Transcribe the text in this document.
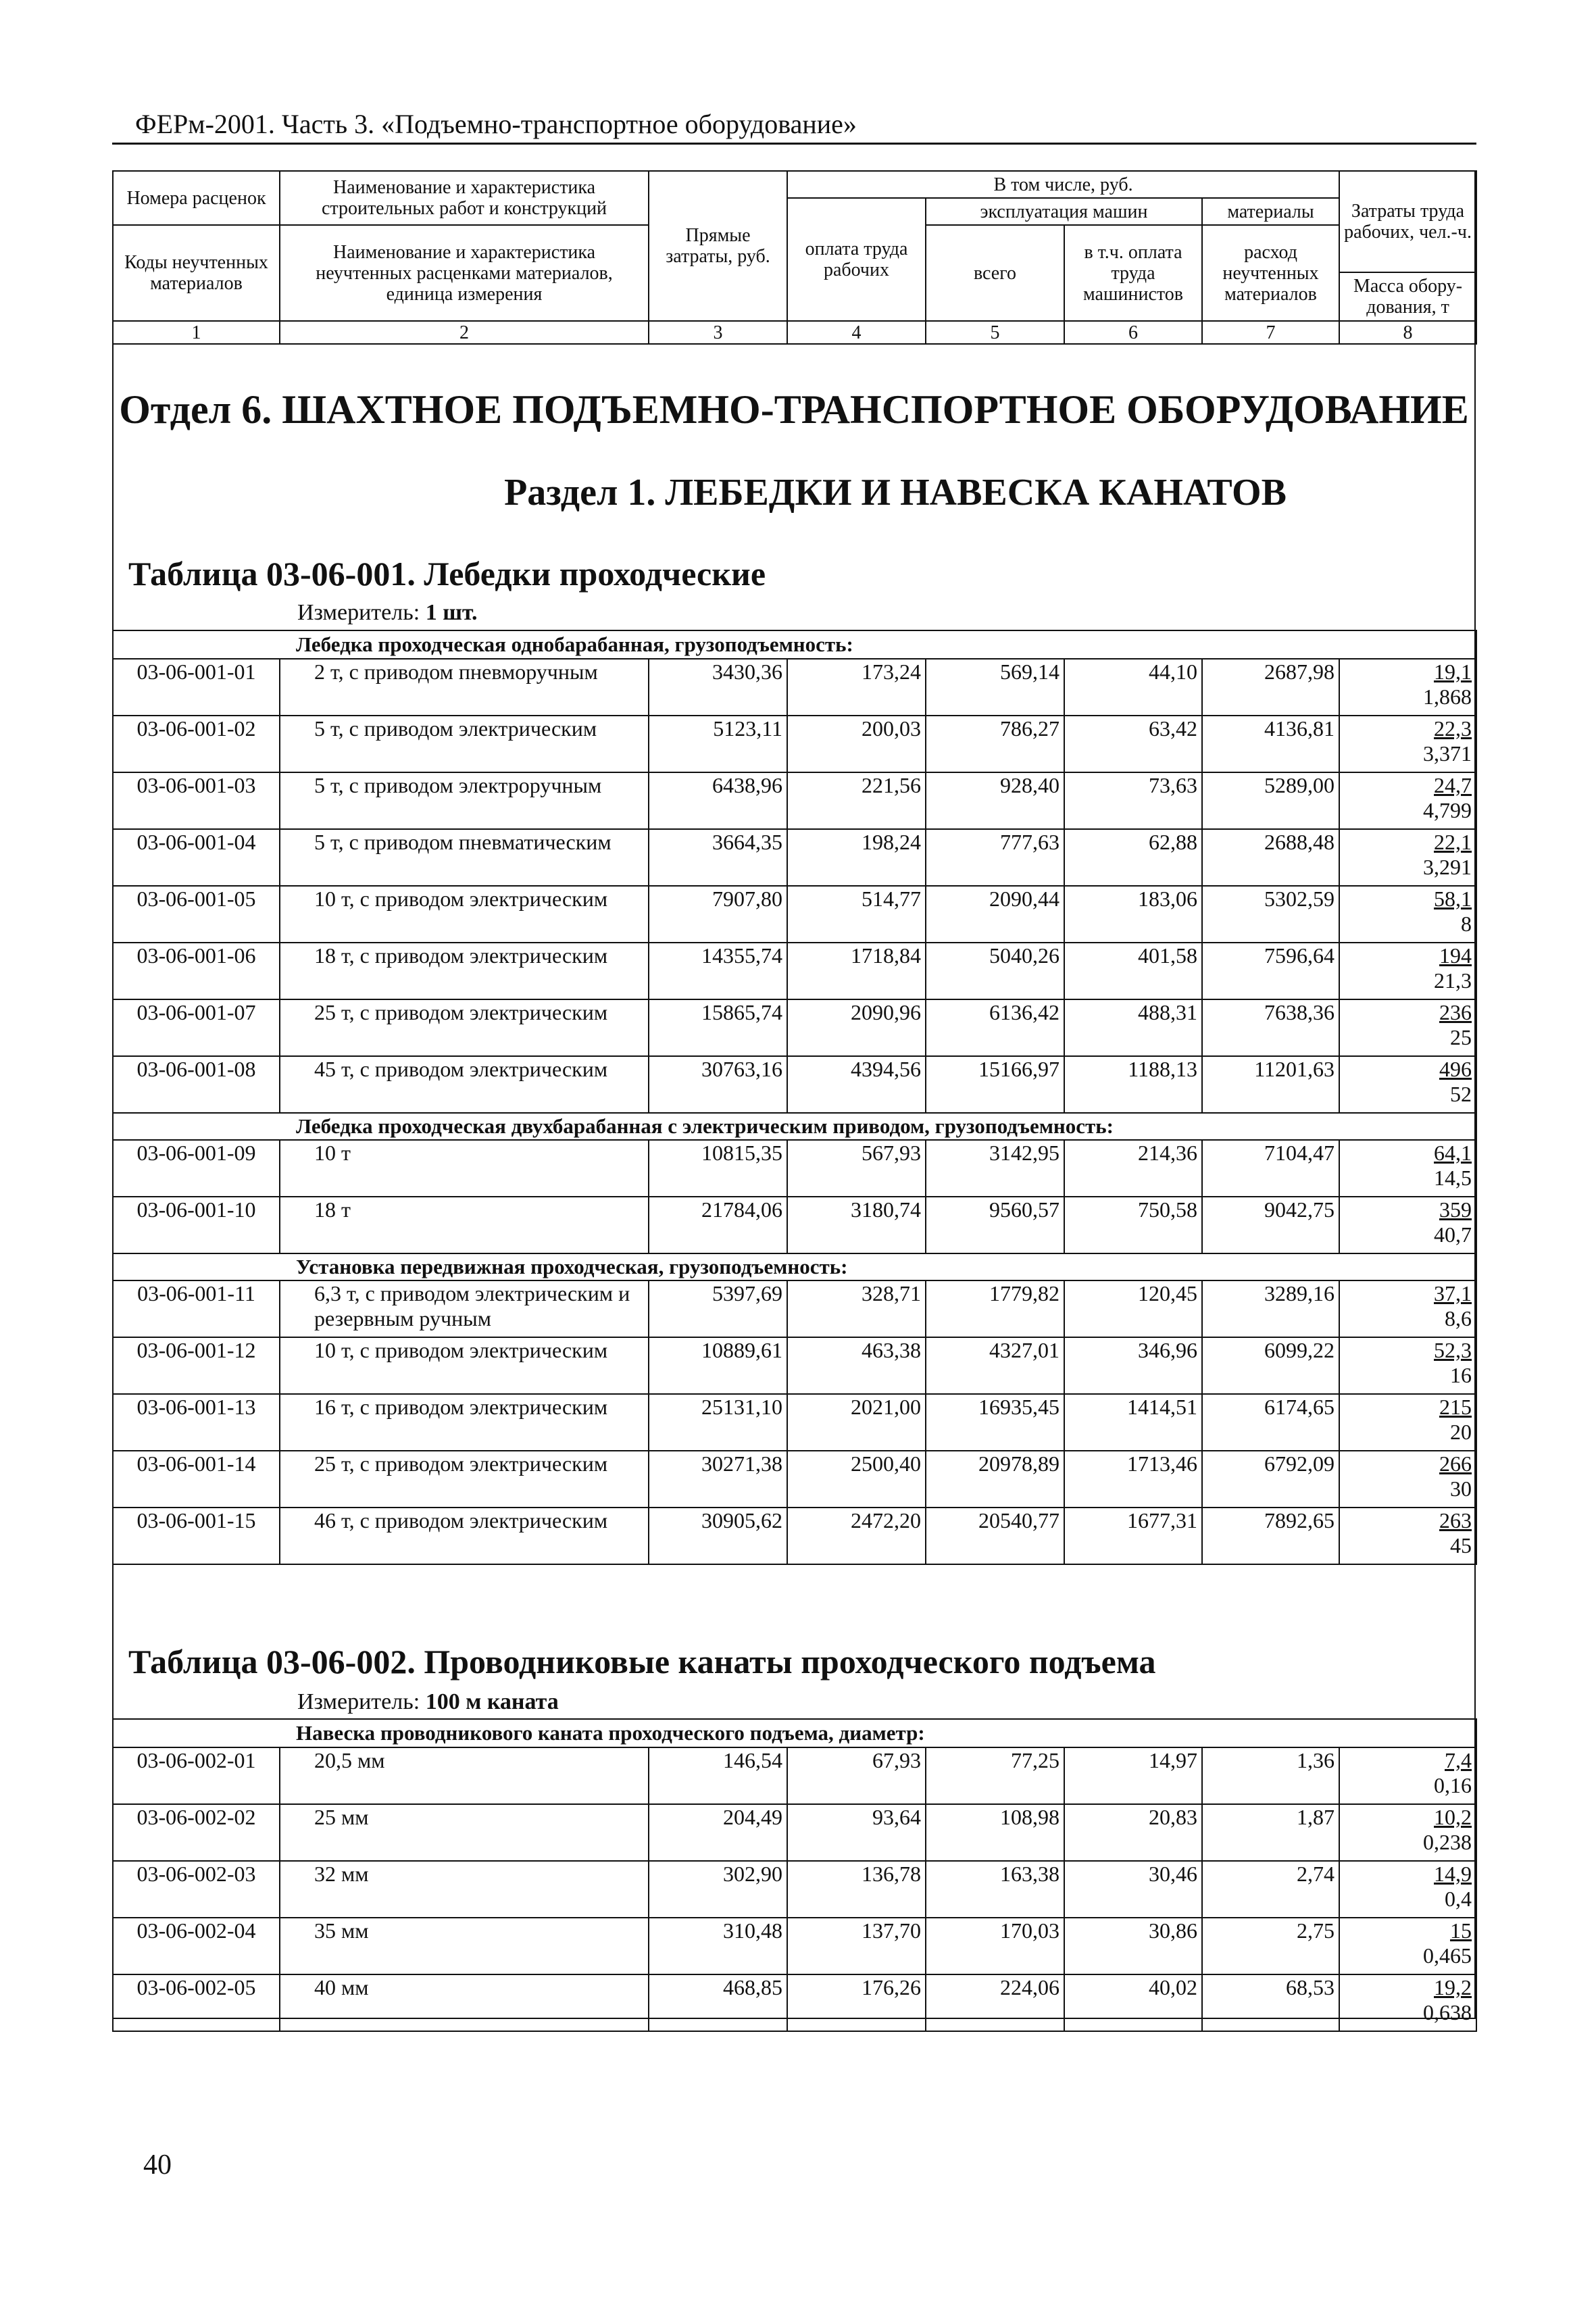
ФЕРм-2001. Часть 3. «Подъемно-транспортное оборудование»
Номера расценок	Наименование и характеристика строительных работ и конструкций	Прямые затраты, руб.	В том числе, руб.				Затраты труда рабочих, чел.-ч.
			оплата труда рабочих	эксплуатация машин		материалы	
Коды неучтенных материалов	Наименование и характеристика неучтенных расценками материалов, единица измерения			всего	в т.ч. оплата труда машинистов	расход неучтенных материалов	
							Масса обору-дования, т
1	2	3	4	5	6	7	8
Отдел 6. ШАХТНОЕ ПОДЪЕМНО-ТРАНСПОРТНОЕ ОБОРУДОВАНИЕ
Раздел 1. ЛЕБЕДКИ И НАВЕСКА КАНАТОВ
Таблица 03-06-001. Лебедки проходческие
Измеритель: 1 шт.
Лебедка проходческая однобарабанная, грузоподъемность:							
03-06-001-01	2 т, с приводом пневморучным	3430,36	173,24	569,14	44,10	2687,98	19,1
1,868

03-06-001-02	5 т, с приводом электрическим	5123,11	200,03	786,27	63,42	4136,81	22,3
3,371

03-06-001-03	5 т, с приводом электроручным	6438,96	221,56	928,40	73,63	5289,00	24,7
4,799

03-06-001-04	5 т, с приводом пневматическим	3664,35	198,24	777,63	62,88	2688,48	22,1
3,291

03-06-001-05	10 т, с приводом электрическим	7907,80	514,77	2090,44	183,06	5302,59	58,1
8

03-06-001-06	18 т, с приводом электрическим	14355,74	1718,84	5040,26	401,58	7596,64	194
21,3

03-06-001-07	25 т, с приводом электрическим	15865,74	2090,96	6136,42	488,31	7638,36	236
25

03-06-001-08	45 т, с приводом электрическим	30763,16	4394,56	15166,97	1188,13	11201,63	496
52

Лебедка проходческая двухбарабанная с электрическим приводом, грузоподъемность:							
03-06-001-09	10 т	10815,35	567,93	3142,95	214,36	7104,47	64,1
14,5

03-06-001-10	18 т	21784,06	3180,74	9560,57	750,58	9042,75	359
40,7

Установка передвижная проходческая, грузоподъемность:							
03-06-001-11	6,3 т, с приводом электрическим и резервным ручным	5397,69	328,71	1779,82	120,45	3289,16	37,1
8,6

03-06-001-12	10 т, с приводом электрическим	10889,61	463,38	4327,01	346,96	6099,22	52,3
16

03-06-001-13	16 т, с приводом электрическим	25131,10	2021,00	16935,45	1414,51	6174,65	215
20

03-06-001-14	25 т, с приводом электрическим	30271,38	2500,40	20978,89	1713,46	6792,09	266
30

03-06-001-15	46 т, с приводом электрическим	30905,62	2472,20	20540,77	1677,31	7892,65	263
45
Таблица 03-06-002. Проводниковые канаты проходческого подъема
Измеритель: 100 м каната
Навеска проводникового каната проходческого подъема, диаметр:							
03-06-002-01	20,5 мм	146,54	67,93	77,25	14,97	1,36	7,4
0,16

03-06-002-02	25 мм	204,49	93,64	108,98	20,83	1,87	10,2
0,238

03-06-002-03	32 мм	302,90	136,78	163,38	30,46	2,74	14,9
0,4

03-06-002-04	35 мм	310,48	137,70	170,03	30,86	2,75	15
0,465

03-06-002-05	40 мм	468,85	176,26	224,06	40,02	68,53	19,2
0,638
40
